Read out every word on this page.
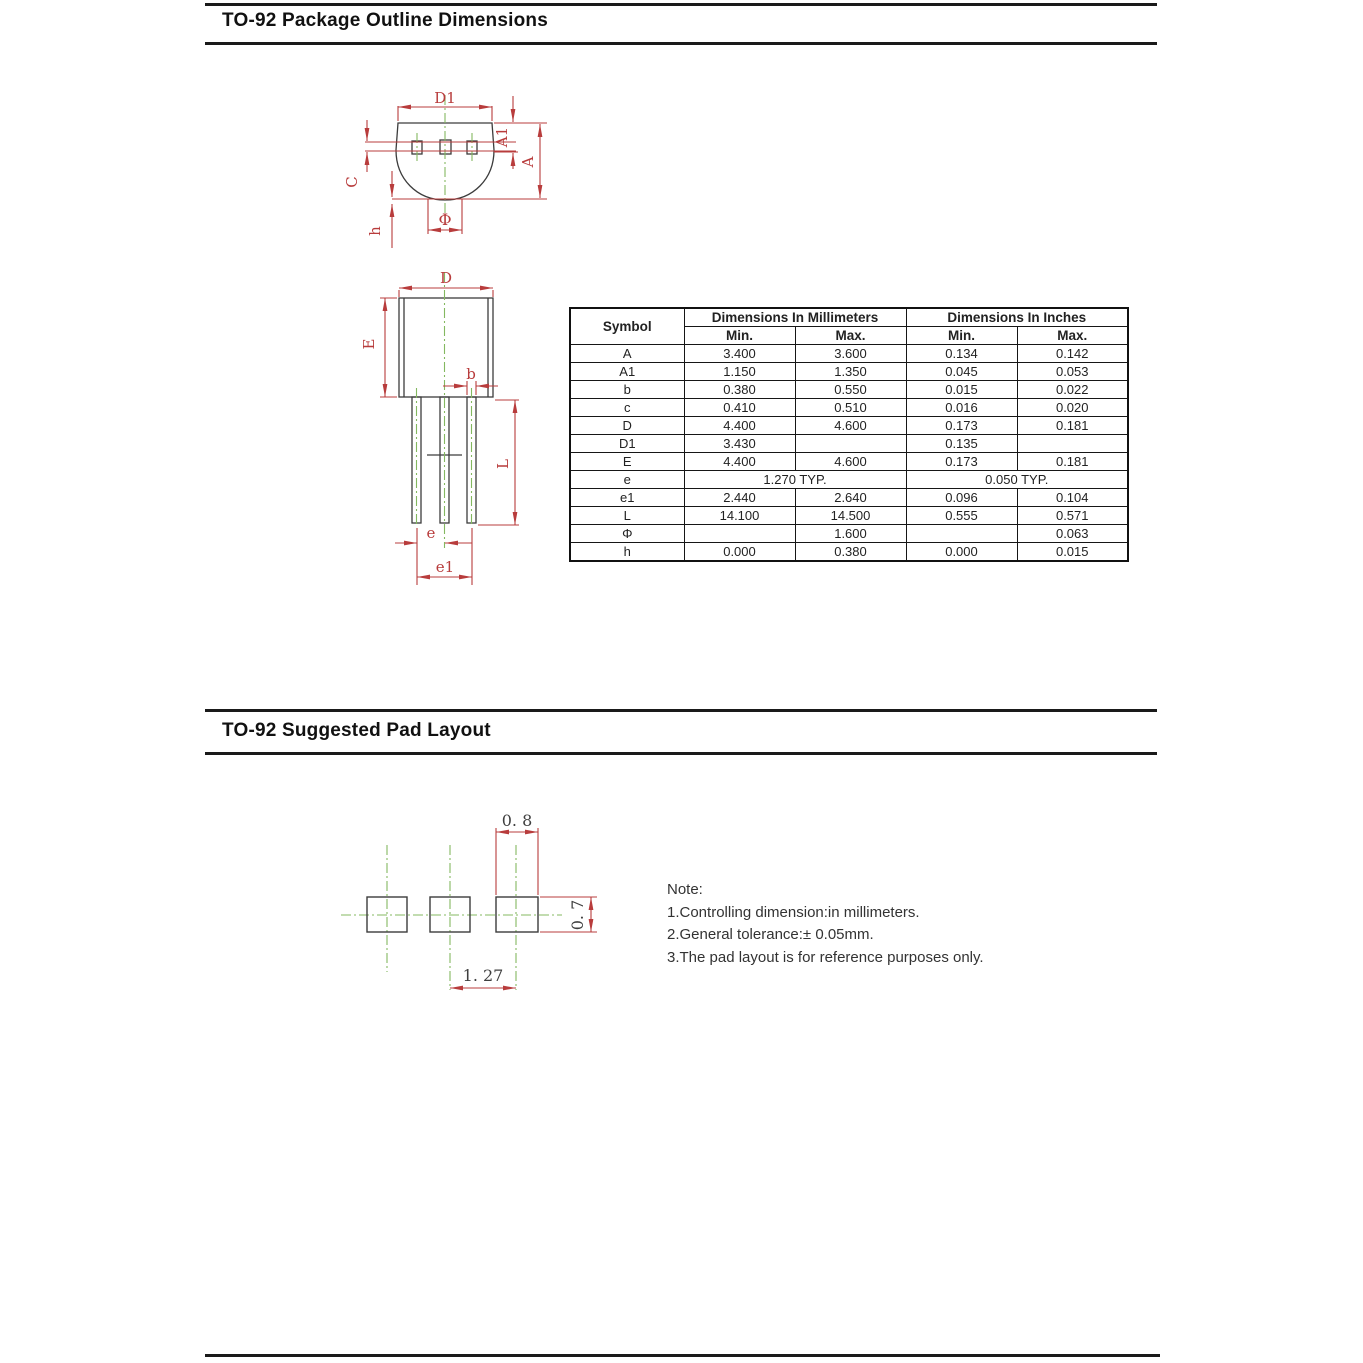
TO-92 Package Outline Dimensions
D1
A1
A
C
h
Φ
D
E
b
L
e
e1
Symbol	Dimensions In Millimeters		Dimensions In Inches	
	Min.	Max.	Min.	Max.
A	3.400	3.600	0.134	0.142
A1	1.150	1.350	0.045	0.053
b	0.380	0.550	0.015	0.022
c	0.410	0.510	0.016	0.020
D	4.400	4.600	0.173	0.181
D1	3.430		0.135	
E	4.400	4.600	0.173	0.181
e	1.270 TYP.		0.050 TYP.	
e1	2.440	2.640	0.096	0.104
L	14.100	14.500	0.555	0.571
Φ		1.600		0.063
h	0.000	0.380	0.000	0.015
TO-92 Suggested Pad Layout
0. 8
0. 7
1. 27

Note:

1.Controlling dimension:in millimeters.

2.General tolerance:± 0.05mm.

3.The pad layout is for reference purposes only.
